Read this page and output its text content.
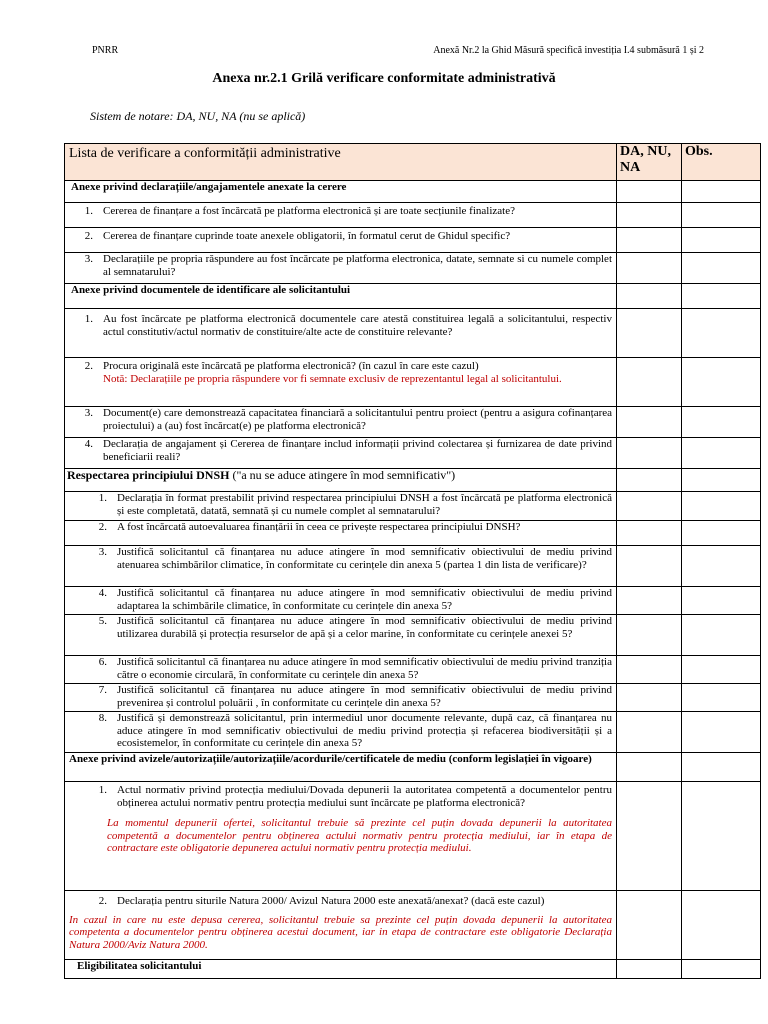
PNRR	Anexă Nr.2 la Ghid Măsură specifică investiția I.4 submăsură 1 și 2
Anexa nr.2.1 Grilă verificare conformitate administrativă
Sistem de notare: DA, NU, NA (nu se aplică)
Lista de verificare a conformității administrative	DA, NU, NA	Obs.
Anexe privind declarațiile/angajamentele anexate la cerere		

1. Cererea de finanțare a fost încărcată pe platforma electronică și are toate secțiunile finalizate?		

2. Cererea de finanțare cuprinde toate anexele obligatorii, în formatul cerut de Ghidul specific?		

3. Declarațiile pe propria răspundere au fost încărcate pe platforma electronica, datate, semnate si cu numele complet al semnatarului?		

Anexe privind documentele de identificare ale solicitantului		

1. Au fost încărcate pe platforma electronică documentele care atestă constituirea legală a solicitantului, respectiv actul constitutiv/actul normativ de constituire/alte acte de constituire relevante?		

2. Procura originală este încărcată pe platforma electronică? (în cazul în care este cazul)
Notă: Declarațiile pe propria răspundere vor fi semnate exclusiv de reprezentantul legal al solicitantului.		

3. Document(e) care demonstrează capacitatea financiară a solicitantului pentru proiect (pentru a asigura cofinanțarea proiectului) a (au) fost încărcat(e) pe platforma electronică?		

4. Declarația de angajament și Cererea de finanțare includ informații privind colectarea și furnizarea de date privind beneficiarii reali?		

Respectarea principiului DNSH ("a nu se aduce atingere în mod semnificativ")		

1. Declarația în format prestabilit privind respectarea principiului DNSH a fost încărcată pe platforma electronică și este completată, datată, semnată și cu numele complet al semnatarului?		

2. A fost încărcată autoevaluarea finanțării în ceea ce privește respectarea principiului DNSH?		

3. Justifică solicitantul că finanțarea nu aduce atingere în mod semnificativ obiectivului de mediu privind atenuarea schimbărilor climatice, în conformitate cu cerințele din anexa 5 (partea 1 din lista de verificare)?		

4. Justifică solicitantul că finanțarea nu aduce atingere în mod semnificativ obiectivului de mediu privind adaptarea la schimbările climatice, în conformitate cu cerințele din anexa 5?		

5. Justifică solicitantul că finanțarea nu aduce atingere în mod semnificativ obiectivului de mediu privind utilizarea durabilă și protecția resurselor de apă și a celor marine, în conformitate cu cerințele anexei 5?		

6. Justifică solicitantul că finanțarea nu aduce atingere în mod semnificativ obiectivului de mediu privind tranziția către o economie circulară, în conformitate cu cerințele din anexa 5?		

7. Justifică solicitantul că finanțarea nu aduce atingere în mod semnificativ obiectivului de mediu privind prevenirea și controlul poluării , în conformitate cu cerințele din anexa 5?		

8. Justifică și demonstrează solicitantul, prin intermediul unor documente relevante, după caz, că finanțarea nu aduce atingere în mod semnificativ obiectivului de mediu privind protecția și refacerea biodiversității și a ecosistemelor, în conformitate cu cerințele din anexa 5?		

Anexe privind avizele/autorizațiile/autorizațiile/acordurile/certificatele de mediu (conform legislației în vigoare)		

1. Actul normativ privind protecția mediului/Dovada depunerii la autoritatea competentă a documentelor pentru obținerea actului normativ pentru protecția mediului sunt încărcate pe platforma electronică?
La momentul depunerii ofertei, solicitantul trebuie să prezinte cel puțin dovada depunerii la autoritatea competentă a documentelor pentru obținerea actului normativ pentru protecția mediului, iar în etapa de contractare este obligatorie depunerea actului normativ pentru protecția mediului.		

2. Declarația pentru siturile Natura 2000/ Avizul Natura 2000 este anexată/anexat? (dacă este cazul)
In cazul in care nu este depusa cererea, solicitantul trebuie sa prezinte cel puțin dovada depunerii la autoritatea competenta a documentelor pentru obținerea acestui document, iar in etapa de contractare este obligatorie Declarația Natura 2000/Aviz Natura 2000.		

Eligibilitatea solicitantului		
